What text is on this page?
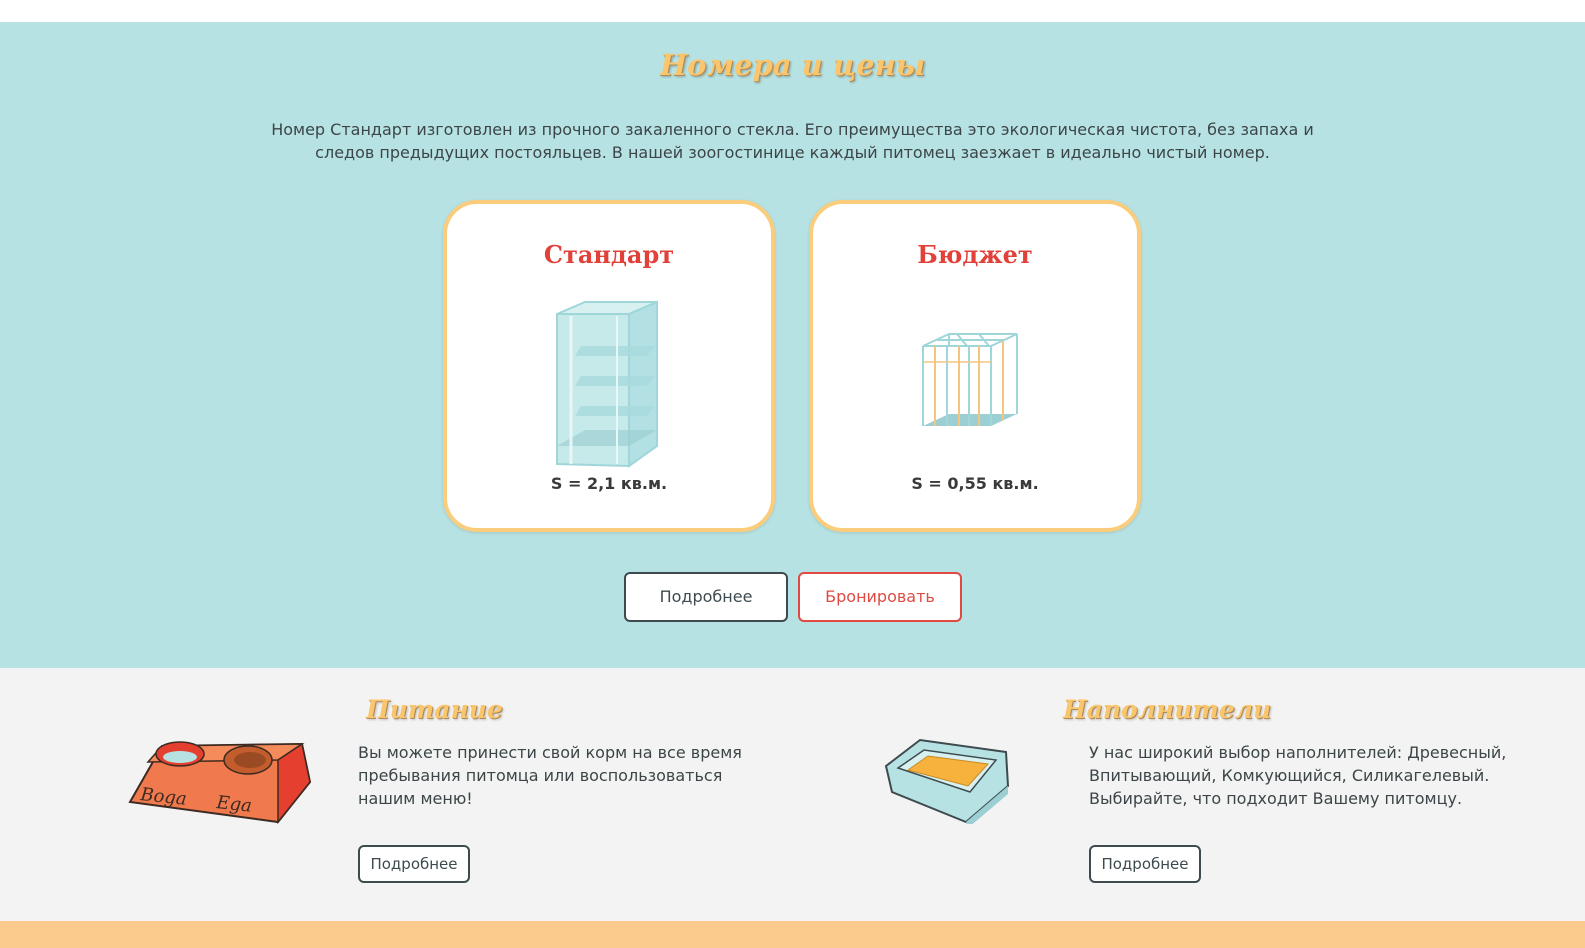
Номера и цены

Номер Стандарт изготовлен из прочного закаленного стекла. Его преимущества это экологическая чистота, без запаха и следов предыдущих постояльцев. В нашей зоогостинице каждый питомец заезжает в идеально чистый номер.

Стандарт
S = 2,1 кв.м.
Бюджет
S = 0,55 кв.м.
Подробнее	Бронировать
Boga Ega
Питание

Вы можете принести свой корм на все время пребывания питомца или воспользоваться нашим меню!

Подробнее
Наполнители

У нас широкий выбор наполнителей: Древесный, Впитывающий, Комкующийся, Силикагелевый. Выбирайте, что подходит Вашему питомцу.

Подробнее
